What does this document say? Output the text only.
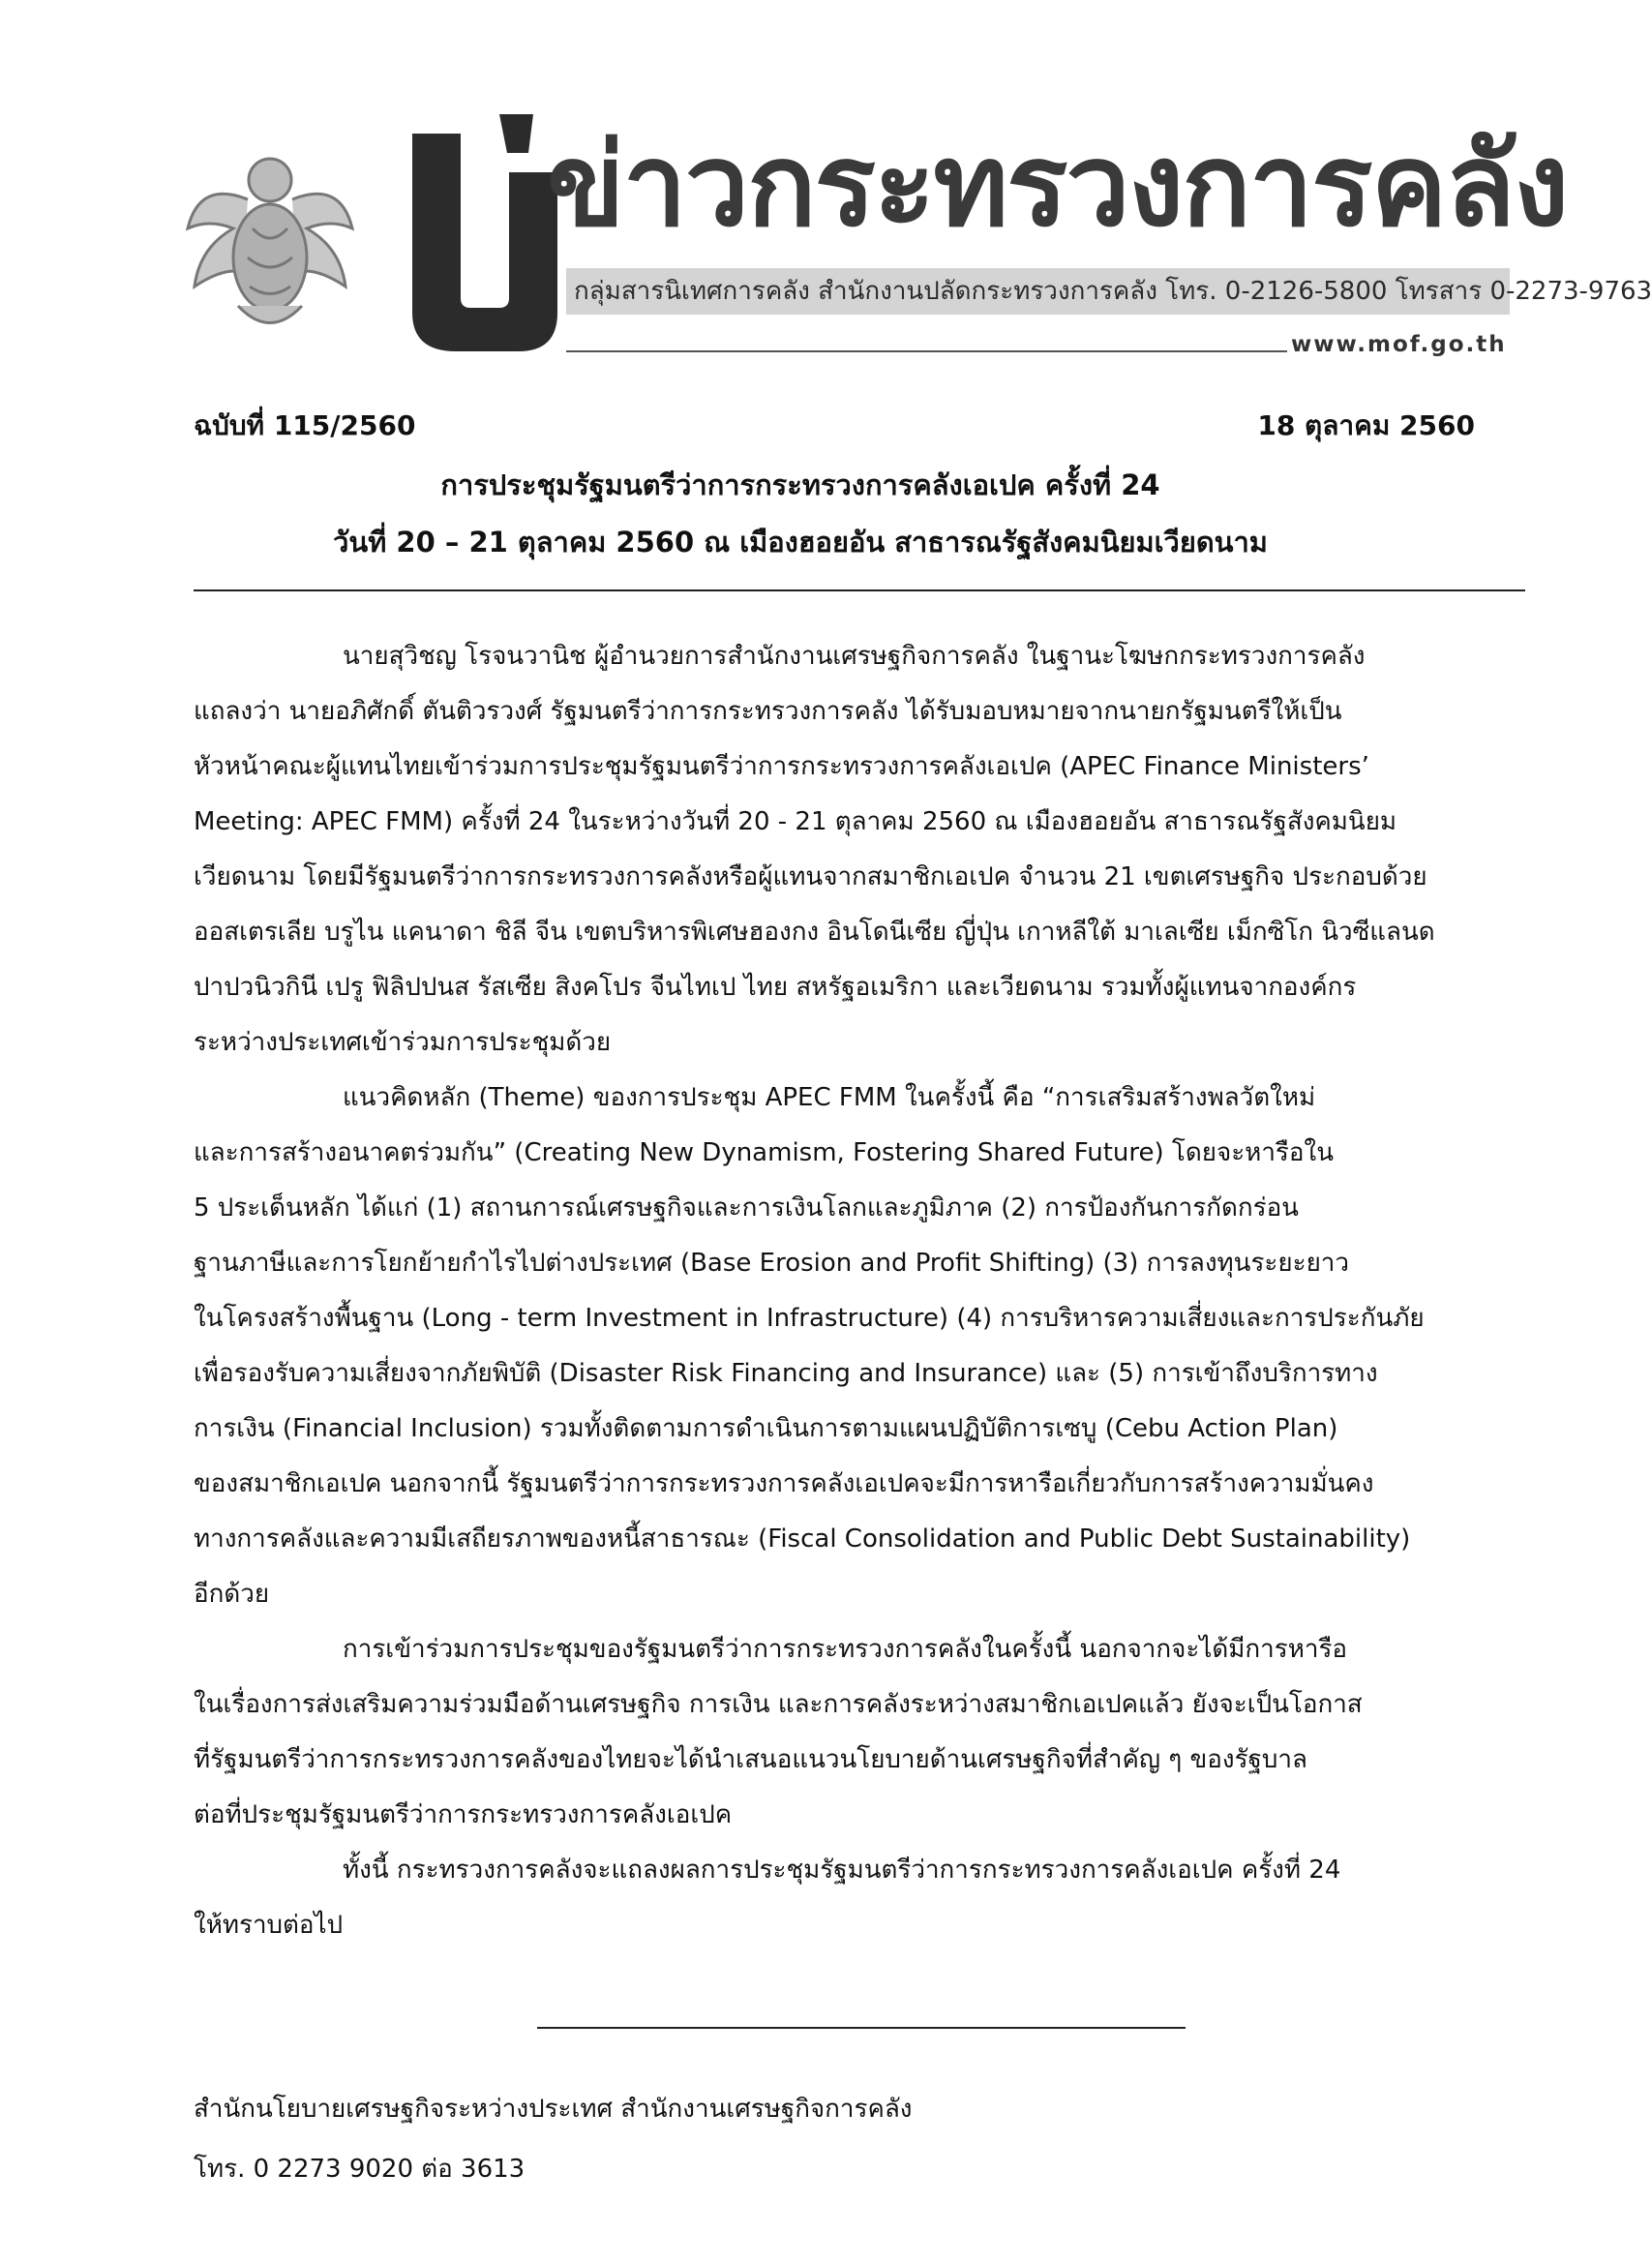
ข่าวกระทรวงการคลัง
กลุ่มสารนิเทศการคลัง สำนักงานปลัดกระทรวงการคลัง โทร. 0-2126-5800 โทรสาร 0-2273-9763
www.mof.go.th
ฉบับที่ 115/2560	18 ตุลาคม 2560
การประชุมรัฐมนตรีว่าการกระทรวงการคลังเอเปค ครั้งที่ 24
วันที่ 20 – 21 ตุลาคม 2560 ณ เมืองฮอยอัน สาธารณรัฐสังคมนิยมเวียดนาม
นายสุวิชญ โรจนวานิช ผู้อำนวยการสำนักงานเศรษฐกิจการคลัง ในฐานะโฆษกกระทรวงการคลัง
แถลงว่า นายอภิศักดิ์ ตันติวรวงศ์ รัฐมนตรีว่าการกระทรวงการคลัง ได้รับมอบหมายจากนายกรัฐมนตรีให้เป็น
หัวหน้าคณะผู้แทนไทยเข้าร่วมการประชุมรัฐมนตรีว่าการกระทรวงการคลังเอเปค (APEC Finance Ministers’
Meeting: APEC FMM) ครั้งที่ 24 ในระหว่างวันที่ 20 - 21 ตุลาคม 2560 ณ เมืองฮอยอัน สาธารณรัฐสังคมนิยม
เวียดนาม โดยมีรัฐมนตรีว่าการกระทรวงการคลังหรือผู้แทนจากสมาชิกเอเปค จำนวน 21 เขตเศรษฐกิจ ประกอบด้วย
ออสเตรเลีย บรูไน แคนาดา ชิลี จีน เขตบริหารพิเศษฮองกง อินโดนีเซีย ญี่ปุ่น เกาหลีใต้ มาเลเซีย เม็กซิโก นิวซีแลนด
ปาปวนิวกินี เปรู ฟิลิปปนส รัสเซีย สิงคโปร จีนไทเป ไทย สหรัฐอเมริกา และเวียดนาม รวมทั้งผู้แทนจากองค์กร
ระหว่างประเทศเข้าร่วมการประชุมด้วย
แนวคิดหลัก (Theme) ของการประชุม APEC FMM ในครั้งนี้ คือ “การเสริมสร้างพลวัตใหม่
และการสร้างอนาคตร่วมกัน” (Creating New Dynamism, Fostering Shared Future) โดยจะหารือใน
5 ประเด็นหลัก ได้แก่ (1) สถานการณ์เศรษฐกิจและการเงินโลกและภูมิภาค (2) การป้องกันการกัดกร่อน
ฐานภาษีและการโยกย้ายกำไรไปต่างประเทศ (Base Erosion and Profit Shifting) (3) การลงทุนระยะยาว
ในโครงสร้างพื้นฐาน (Long - term Investment in Infrastructure) (4) การบริหารความเสี่ยงและการประกันภัย
เพื่อรองรับความเสี่ยงจากภัยพิบัติ (Disaster Risk Financing and Insurance) และ (5) การเข้าถึงบริการทาง
การเงิน (Financial Inclusion) รวมทั้งติดตามการดำเนินการตามแผนปฏิบัติการเซบู (Cebu Action Plan)
ของสมาชิกเอเปค นอกจากนี้ รัฐมนตรีว่าการกระทรวงการคลังเอเปคจะมีการหารือเกี่ยวกับการสร้างความมั่นคง
ทางการคลังและความมีเสถียรภาพของหนี้สาธารณะ (Fiscal Consolidation and Public Debt Sustainability)
อีกด้วย
การเข้าร่วมการประชุมของรัฐมนตรีว่าการกระทรวงการคลังในครั้งนี้ นอกจากจะได้มีการหารือ
ในเรื่องการส่งเสริมความร่วมมือด้านเศรษฐกิจ การเงิน และการคลังระหว่างสมาชิกเอเปคแล้ว ยังจะเป็นโอกาส
ที่รัฐมนตรีว่าการกระทรวงการคลังของไทยจะได้นำเสนอแนวนโยบายด้านเศรษฐกิจที่สำคัญ ๆ ของรัฐบาล
ต่อที่ประชุมรัฐมนตรีว่าการกระทรวงการคลังเอเปค
ทั้งนี้ กระทรวงการคลังจะแถลงผลการประชุมรัฐมนตรีว่าการกระทรวงการคลังเอเปค ครั้งที่ 24
ให้ทราบต่อไป
สำนักนโยบายเศรษฐกิจระหว่างประเทศ สำนักงานเศรษฐกิจการคลัง
โทร. 0 2273 9020 ต่อ 3613
